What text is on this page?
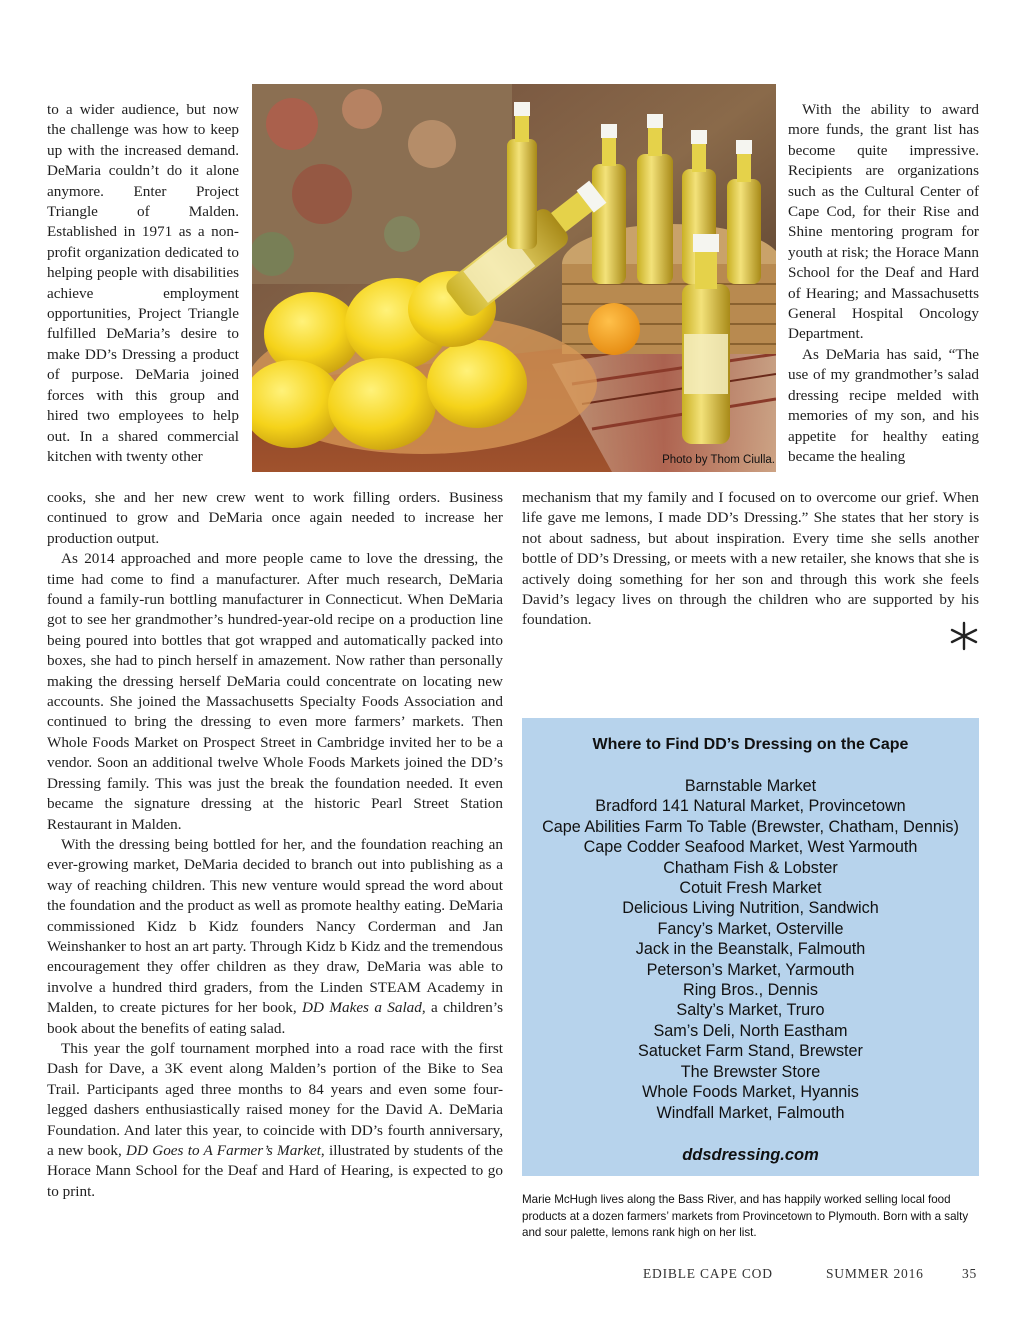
to a wider audience, but now the challenge was how to keep up with the increased demand. DeMaria couldn’t do it alone anymore. Enter Project Triangle of Malden. Established in 1971 as a non-profit organization dedicated to helping people with disabilities achieve employment opportunities, Project Triangle fulfilled DeMaria’s desire to make DD’s Dressing a product of purpose. DeMaria joined forces with this group and hired two employees to help out. In a shared commercial kitchen with twenty other	Photo by Thom Ciulla.

With the ability to award more funds, the grant list has become quite impressive. Recipients are organizations such as the Cultural Center of Cape Cod, for their Rise and Shine mentoring program for youth at risk; the Horace Mann School for the Deaf and Hard of Hearing; and Massachusetts General Hospital Oncology Department.

As DeMaria has said, “The use of my grandmother’s salad dressing recipe melded with memories of my son, and his appetite for healthy eating became the healing

cooks, she and her new crew went to work filling orders. Business continued to grow and DeMaria once again needed to increase her production output.

As 2014 approached and more people came to love the dressing, the time had come to find a manufacturer. After much research, DeMaria found a family-run bottling manufacturer in Connecticut. When DeMaria got to see her grandmother’s hundred-year-old recipe on a production line being poured into bottles that got wrapped and automatically packed into boxes, she had to pinch herself in amazement. Now rather than personally making the dressing herself DeMaria could concentrate on locating new accounts. She joined the Massachusetts Specialty Foods Association and continued to bring the dressing to even more farmers’ markets. Then Whole Foods Market on Prospect Street in Cambridge invited her to be a vendor. Soon an additional twelve Whole Foods Markets joined the DD’s Dressing family. This was just the break the foundation needed. It even became the signature dressing at the historic Pearl Street Station Restaurant in Malden.

With the dressing being bottled for her, and the foundation reaching an ever-growing market, DeMaria decided to branch out into publishing as a way of reaching children. This new venture would spread the word about the foundation and the product as well as promote healthy eating. DeMaria commissioned Kidz b Kidz founders Nancy Corderman and Jan Weinshanker to host an art party. Through Kidz b Kidz and the tremendous encouragement they offer children as they draw, DeMaria was able to involve a hundred third graders, from the Linden STEAM Academy in Malden, to create pictures for her book, DD Makes a Salad, a children’s book about the benefits of eating salad.

This year the golf tournament morphed into a road race with the first Dash for Dave, a 3K event along Malden’s portion of the Bike to Sea Trail. Participants aged three months to 84 years and even some four-legged dashers enthusiastically raised money for the David A. DeMaria Foundation. And later this year, to coincide with DD’s fourth anniversary, a new book, DD Goes to A Farmer’s Market, illustrated by students of the Horace Mann School for the Deaf and Hard of Hearing, is expected to go to print.

mechanism that my family and I focused on to overcome our grief. When life gave me lemons, I made DD’s Dressing.” She states that her story is not about sadness, but about inspiration. Every time she sells another bottle of DD’s Dressing, or meets with a new retailer, she knows that she is actively doing something for her son and through this work she feels David’s legacy lives on through the children who are supported by his foundation.

Where to Find DD’s Dressing on the Cape
Barnstable Market
Bradford 141 Natural Market, Provincetown
Cape Abilities Farm To Table (Brewster, Chatham, Dennis)
Cape Codder Seafood Market, West Yarmouth
Chatham Fish & Lobster
Cotuit Fresh Market
Delicious Living Nutrition, Sandwich
Fancy’s Market, Osterville
Jack in the Beanstalk, Falmouth
Peterson’s Market, Yarmouth
Ring Bros., Dennis
Salty’s Market, Truro
Sam’s Deli, North Eastham
Satucket Farm Stand, Brewster
The Brewster Store
Whole Foods Market, Hyannis
Windfall Market, Falmouth
ddsdressing.com
Marie McHugh lives along the Bass River, and has happily worked selling local food products at a dozen farmers’ markets from Provincetown to Plymouth. Born with a salty and sour palette, lemons rank high on her list.
EDIBLE CAPE COD	SUMMER 2016	35
